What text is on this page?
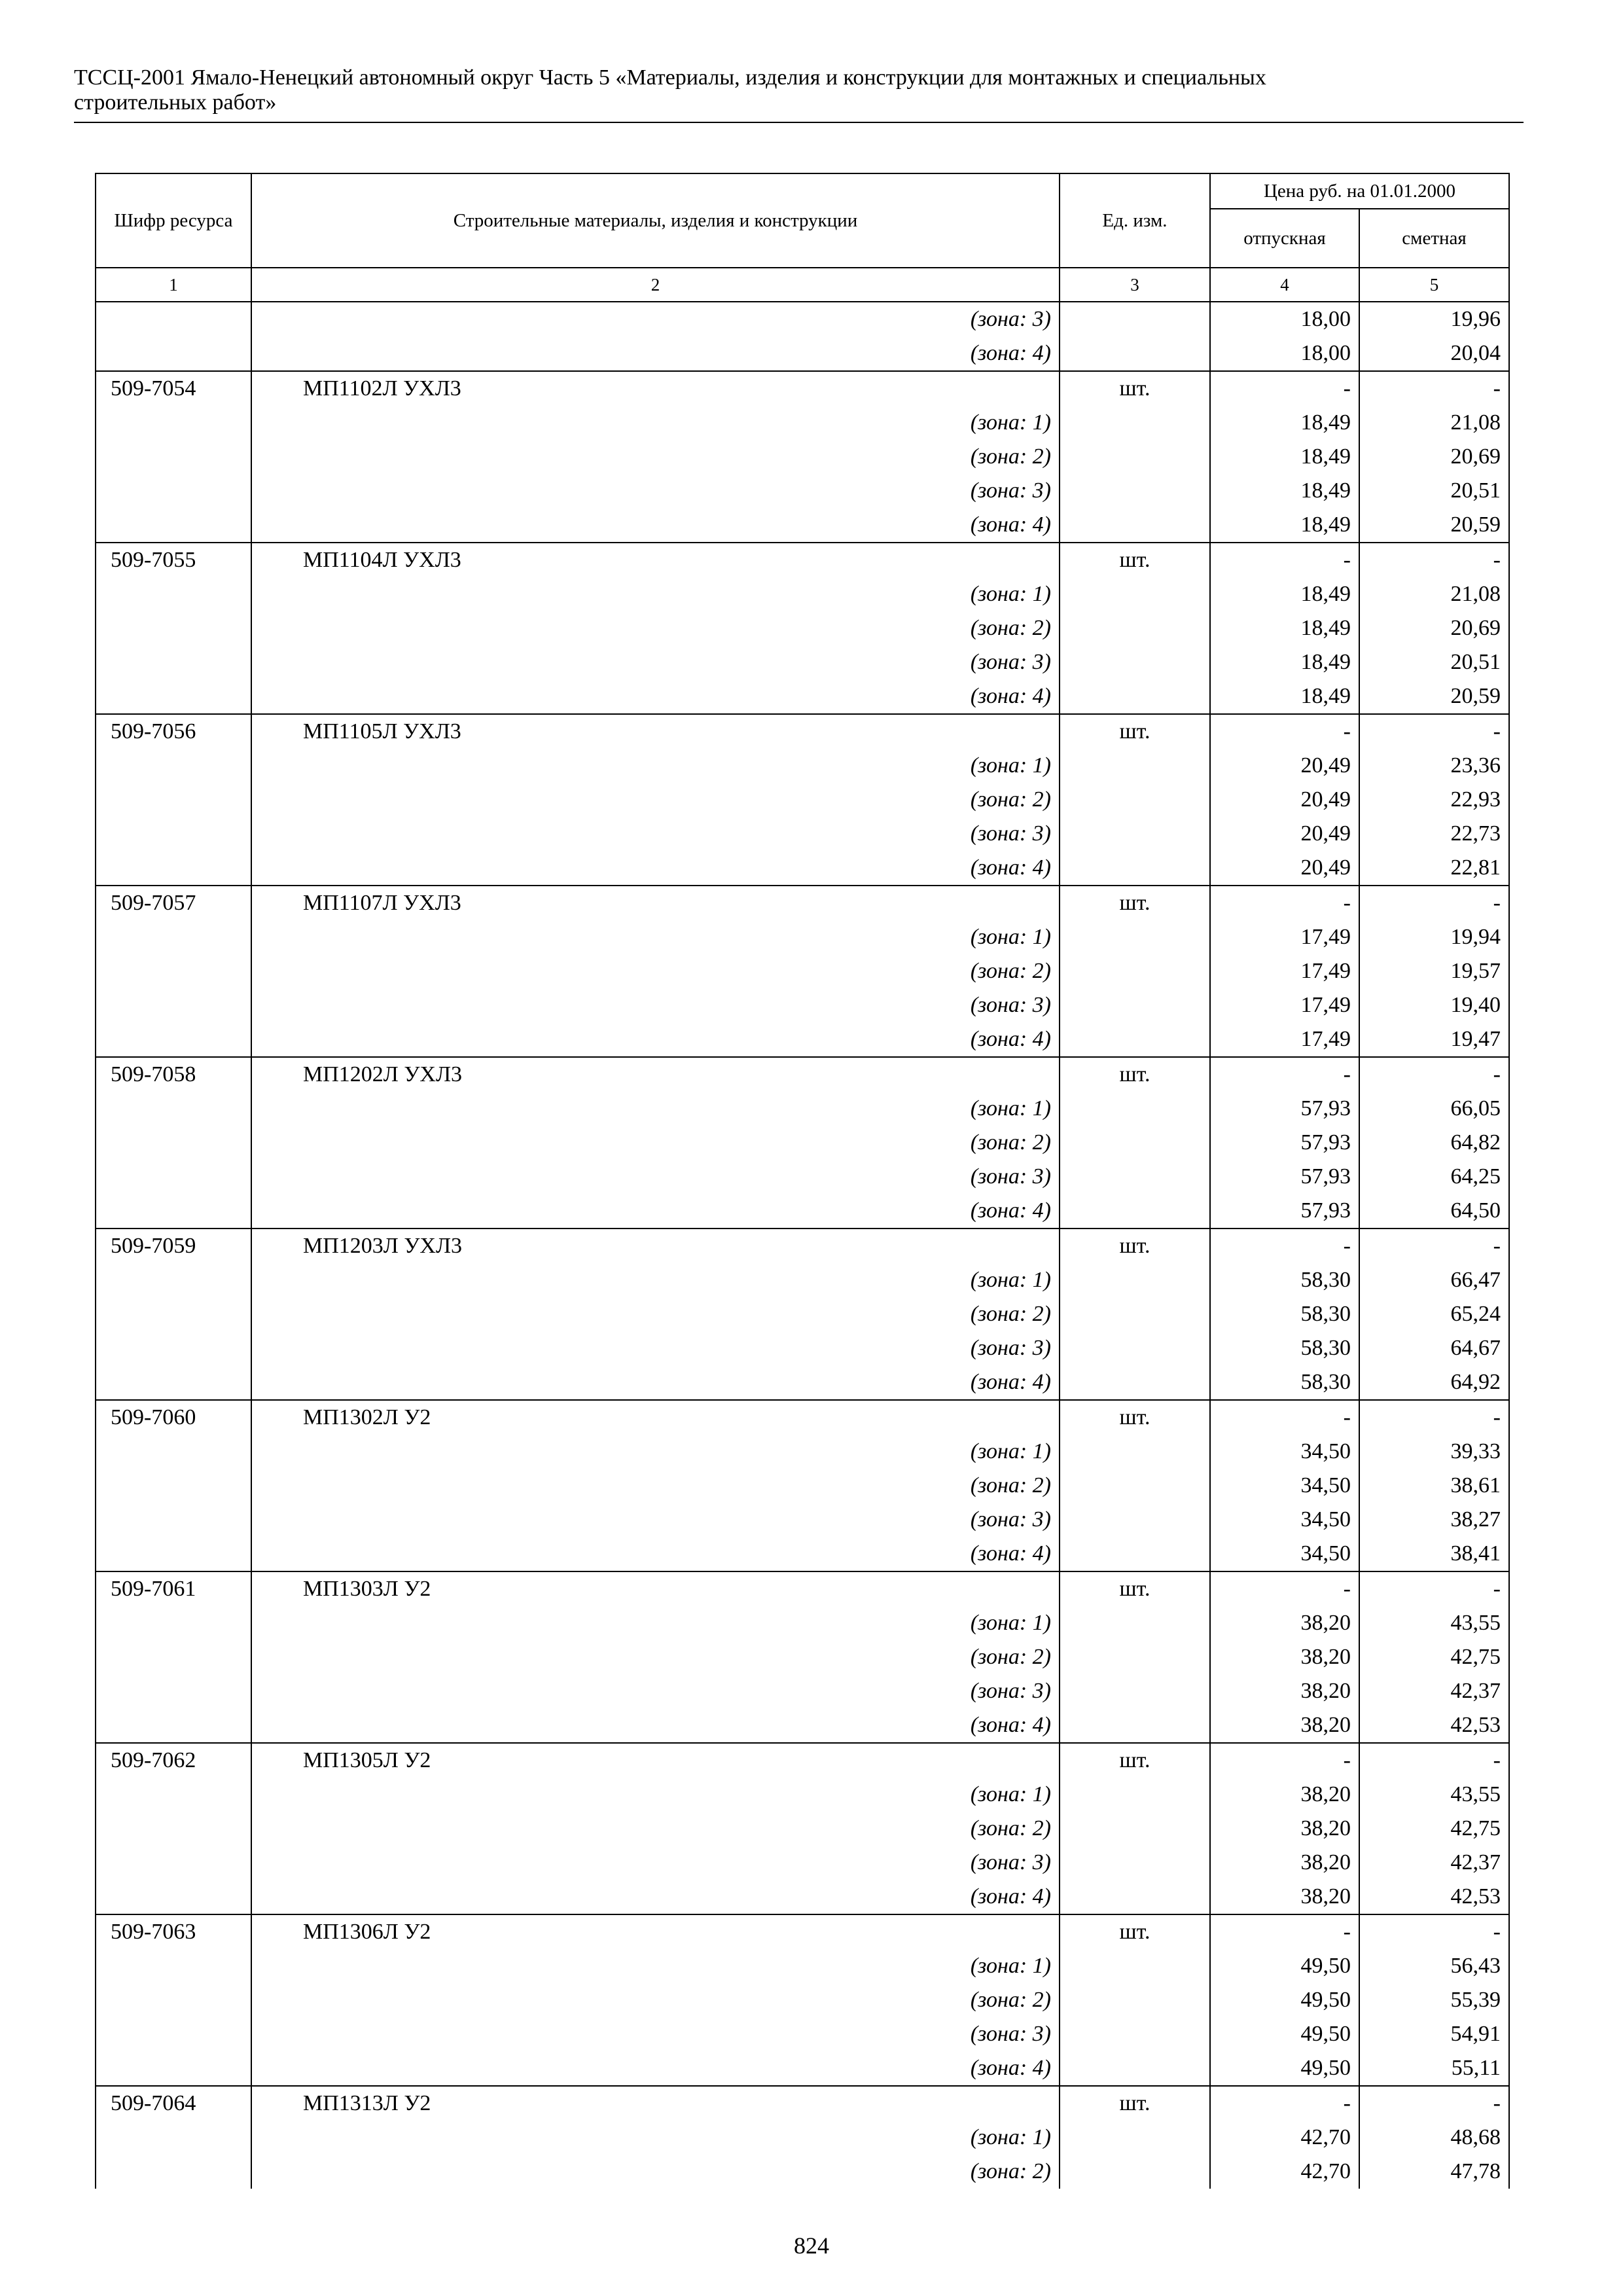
ТССЦ-2001 Ямало-Ненецкий автономный округ Часть 5 «Материалы, изделия и конструкции для монтажных и специальных
строительных работ»
Шифр ресурса	Строительные материалы, изделия и конструкции	Ед. изм.	Цена руб. на 01.01.2000	
			отпускная	сметная
1	2	3	4	5
	(зона: 3)		18,00	19,96
	(зона: 4)		18,00	20,04
509-7054	МП1102Л УХЛ3	шт.	-	-
	(зона: 1)		18,49	21,08
	(зона: 2)		18,49	20,69
	(зона: 3)		18,49	20,51
	(зона: 4)		18,49	20,59
509-7055	МП1104Л УХЛ3	шт.	-	-
	(зона: 1)		18,49	21,08
	(зона: 2)		18,49	20,69
	(зона: 3)		18,49	20,51
	(зона: 4)		18,49	20,59
509-7056	МП1105Л УХЛ3	шт.	-	-
	(зона: 1)		20,49	23,36
	(зона: 2)		20,49	22,93
	(зона: 3)		20,49	22,73
	(зона: 4)		20,49	22,81
509-7057	МП1107Л УХЛ3	шт.	-	-
	(зона: 1)		17,49	19,94
	(зона: 2)		17,49	19,57
	(зона: 3)		17,49	19,40
	(зона: 4)		17,49	19,47
509-7058	МП1202Л УХЛ3	шт.	-	-
	(зона: 1)		57,93	66,05
	(зона: 2)		57,93	64,82
	(зона: 3)		57,93	64,25
	(зона: 4)		57,93	64,50
509-7059	МП1203Л УХЛ3	шт.	-	-
	(зона: 1)		58,30	66,47
	(зона: 2)		58,30	65,24
	(зона: 3)		58,30	64,67
	(зона: 4)		58,30	64,92
509-7060	МП1302Л У2	шт.	-	-
	(зона: 1)		34,50	39,33
	(зона: 2)		34,50	38,61
	(зона: 3)		34,50	38,27
	(зона: 4)		34,50	38,41
509-7061	МП1303Л У2	шт.	-	-
	(зона: 1)		38,20	43,55
	(зона: 2)		38,20	42,75
	(зона: 3)		38,20	42,37
	(зона: 4)		38,20	42,53
509-7062	МП1305Л У2	шт.	-	-
	(зона: 1)		38,20	43,55
	(зона: 2)		38,20	42,75
	(зона: 3)		38,20	42,37
	(зона: 4)		38,20	42,53
509-7063	МП1306Л У2	шт.	-	-
	(зона: 1)		49,50	56,43
	(зона: 2)		49,50	55,39
	(зона: 3)		49,50	54,91
	(зона: 4)		49,50	55,11
509-7064	МП1313Л У2	шт.	-	-
	(зона: 1)		42,70	48,68
	(зона: 2)		42,70	47,78
824
